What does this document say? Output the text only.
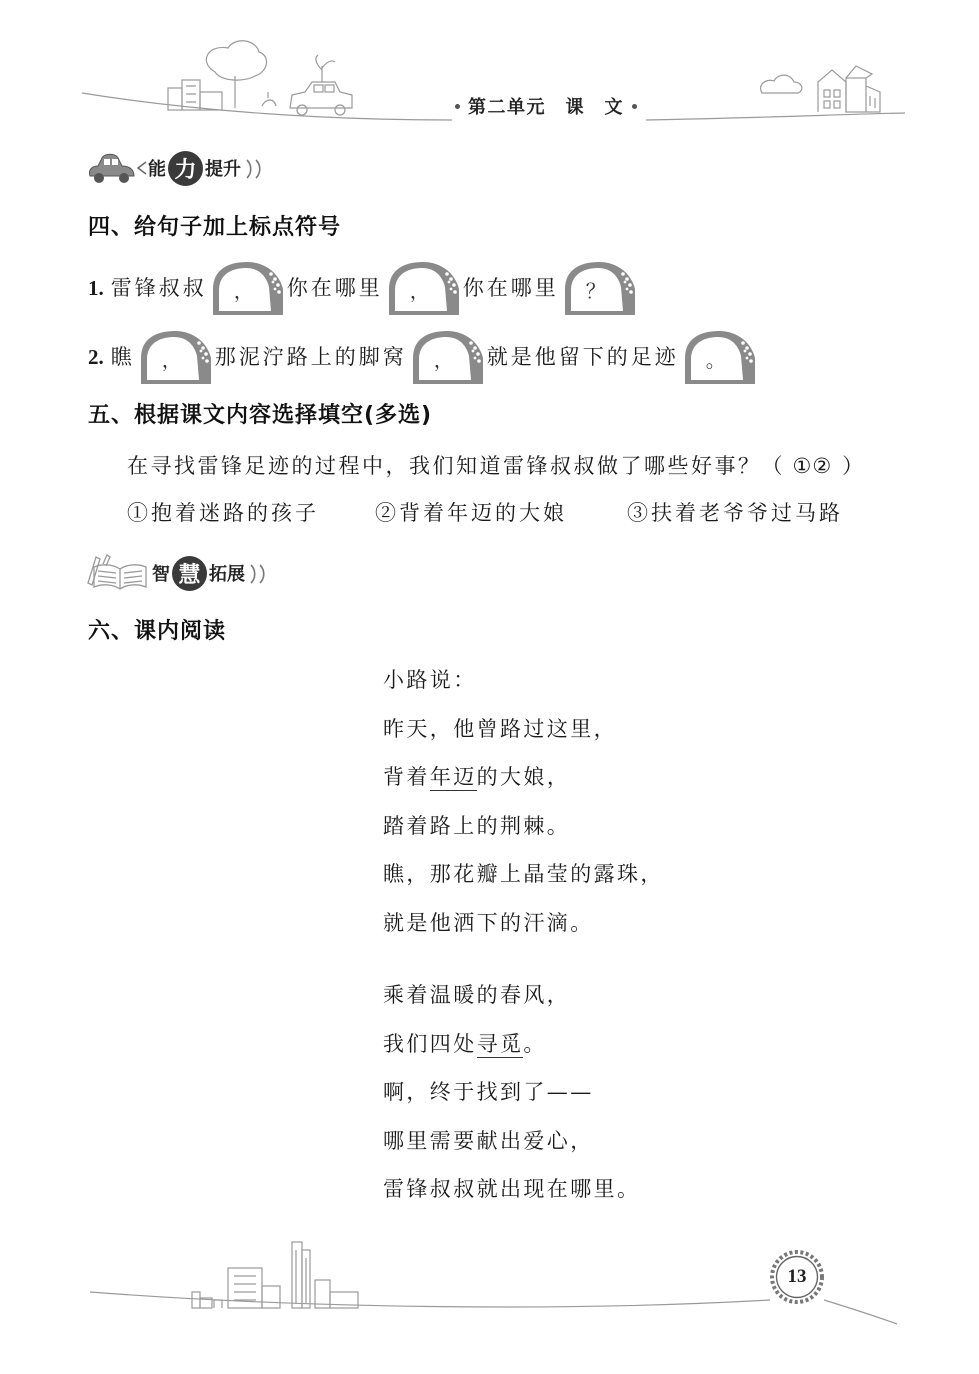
第二单元　课　文
能 力 提升
四、给句子加上标点符号
1. 雷锋叔叔	，	你在哪里	，	你在哪里	？
2. 瞧	，	那泥泞路上的脚窝	，	就是他留下的足迹	。
五、根据课文内容选择填空(多选)
在寻找雷锋足迹的过程中，我们知道雷锋叔叔做了哪些好事？（ ①② ）
①抱着迷路的孩子	②背着年迈的大娘	③扶着老爷爷过马路
智 慧 拓展
六、课内阅读
小路说：
昨天，他曾路过这里，
背着年迈的大娘，
踏着路上的荆棘。
瞧，那花瓣上晶莹的露珠，
就是他洒下的汗滴。
乘着温暖的春风，
我们四处寻觅。
啊，终于找到了——
哪里需要献出爱心，
雷锋叔叔就出现在哪里。
13
